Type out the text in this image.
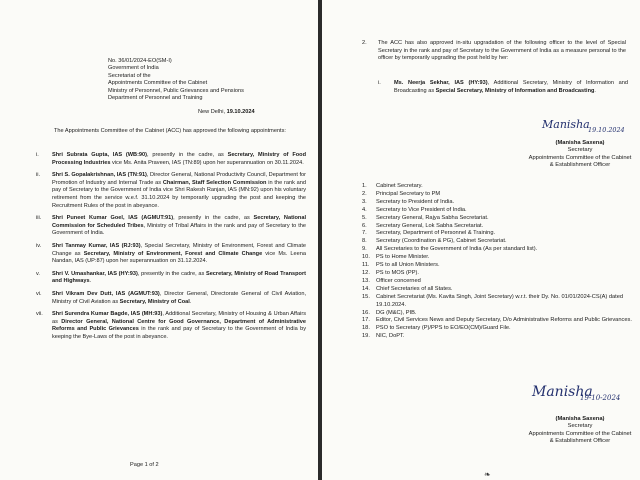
No. 36/01/2024-EO(SM-I)
Government of India
Secretariat of the
Appointments Committee of the Cabinet
Ministry of Personnel, Public Grievances and Pensions
Department of Personnel and Training
New Delhi, 19.10.2024
The Appointments Committee of the Cabinet (ACC) has approved the following appointments:
i.	Shri Subrata Gupta, IAS (WB:90), presently in the cadre, as Secretary, Ministry of Food Processing Industries vice Ms. Anita Praveen, IAS (TN:89) upon her superannuation on 30.11.2024.
ii.	Shri S. Gopalakrishnan, IAS (TN:91), Director General, National Productivity Council, Department for Promotion of Industry and Internal Trade as Chairman, Staff Selection Commission in the rank and pay of Secretary to the Government of India vice Shri Rakesh Ranjan, IAS (MN:92) upon his voluntary retirement from the service w.e.f. 31.10.2024 by temporarily upgrading the post and keeping the Recruitment Rules of the post in abeyance.
iii.	Shri Puneet Kumar Goel, IAS (AGMUT:91), presently in the cadre, as Secretary, National Commission for Scheduled Tribes, Ministry of Tribal Affairs in the rank and pay of Secretary to the Government of India.
iv.	Shri Tanmay Kumar, IAS (RJ:93), Special Secretary, Ministry of Environment, Forest and Climate Change as Secretary, Ministry of Environment, Forest and Climate Change vice Ms. Leena Nandan, IAS (UP:87) upon her superannuation on 31.12.2024.
v.	Shri V. Umashankar, IAS (HY:93), presently in the cadre, as Secretary, Ministry of Road Transport and Highways.
vi.	Shri Vikram Dev Dutt, IAS (AGMUT:93), Director General, Directorate General of Civil Aviation, Ministry of Civil Aviation as Secretary, Ministry of Coal.
vii.	Shri Surendra Kumar Bagde, IAS (MH:93), Additional Secretary, Ministry of Housing & Urban Affairs as Director General, National Centre for Good Governance, Department of Administrative Reforms and Public Grievances in the rank and pay of Secretary to the Government of India by keeping the Bye-Laws of the post in abeyance.
Page 1 of 2
2.	The ACC has also approved in-situ upgradation of the following officer to the level of Special Secretary in the rank and pay of Secretary to the Government of India as a measure personal to the officer by temporarily upgrading the post held by her:
i.	Ms. Neerja Sekhar, IAS (HY:93), Additional Secretary, Ministry of Information and Broadcasting as Special Secretary, Ministry of Information and Broadcasting.
Manisha
19.10.2024
(Manisha Saxena)
Secretary
Appointments Committee of the Cabinet
& Establishment Officer
1.	Cabinet Secretary.
2.	Principal Secretary to PM
3.	Secretary to President of India.
4.	Secretary to Vice President of India.
5.	Secretary General, Rajya Sabha Secretariat.
6.	Secretary General, Lok Sabha Secretariat.
7.	Secretary, Department of Personnel & Training.
8.	Secretary (Coordination & PG), Cabinet Secretariat.
9.	All Secretaries to the Government of India (As per standard list).
10.	PS to Home Minister.
11.	PS to all Union Ministers.
12.	PS to MOS (PP).
13.	Officer concerned
14.	Chief Secretaries of all States.
15.	Cabinet Secretariat (Ms. Kavita Singh, Joint Secretary) w.r.t. their Dy. No. 01/01/2024-CS(A) dated 19.10.2024.
16.	DG (M&C), PIB.
17.	Editor, Civil Services News and Deputy Secretary, D/o Administrative Reforms and Public Grievances.
18.	PSO to Secretary (P)/PPS to EO/EO(CM)/Guard File.
19.	NIC, DoPT.
Manisha
19-10-2024
(Manisha Saxena)
Secretary
Appointments Committee of the Cabinet
& Establishment Officer
❧
